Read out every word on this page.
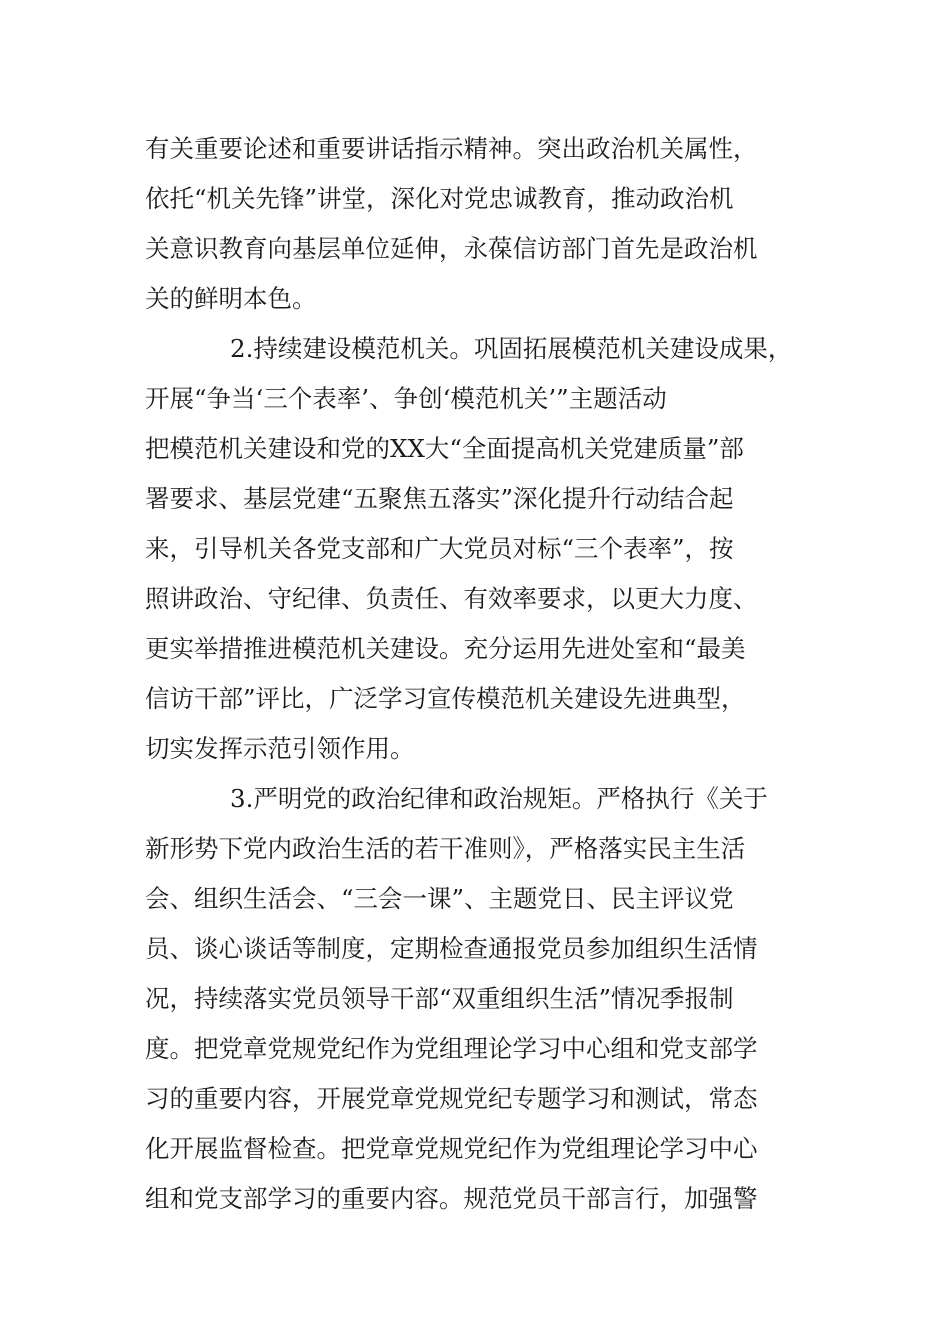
有关重要论述和重要讲话指示精神。突出政治机关属性，
依托“机关先锋”讲堂，深化对党忠诚教育，推动政治机
关意识教育向基层单位延伸，永葆信访部门首先是政治机
关的鲜明本色。
2.持续建设模范机关。巩固拓展模范机关建设成果，
开展“争当‘三个表率’、争创‘模范机关’”主题活动
把模范机关建设和党的XX大“全面提高机关党建质量”部
署要求、基层党建“五聚焦五落实”深化提升行动结合起
来，引导机关各党支部和广大党员对标“三个表率”，按
照讲政治、守纪律、负责任、有效率要求，以更大力度、
更实举措推进模范机关建设。充分运用先进处室和“最美
信访干部”评比，广泛学习宣传模范机关建设先进典型，
切实发挥示范引领作用。
3.严明党的政治纪律和政治规矩。严格执行《关于
新形势下党内政治生活的若干准则》，严格落实民主生活
会、组织生活会、“三会一课”、主题党日、民主评议党
员、谈心谈话等制度，定期检查通报党员参加组织生活情
况，持续落实党员领导干部“双重组织生活”情况季报制
度。把党章党规党纪作为党组理论学习中心组和党支部学
习的重要内容，开展党章党规党纪专题学习和测试，常态
化开展监督检查。把党章党规党纪作为党组理论学习中心
组和党支部学习的重要内容。规范党员干部言行，加强警
